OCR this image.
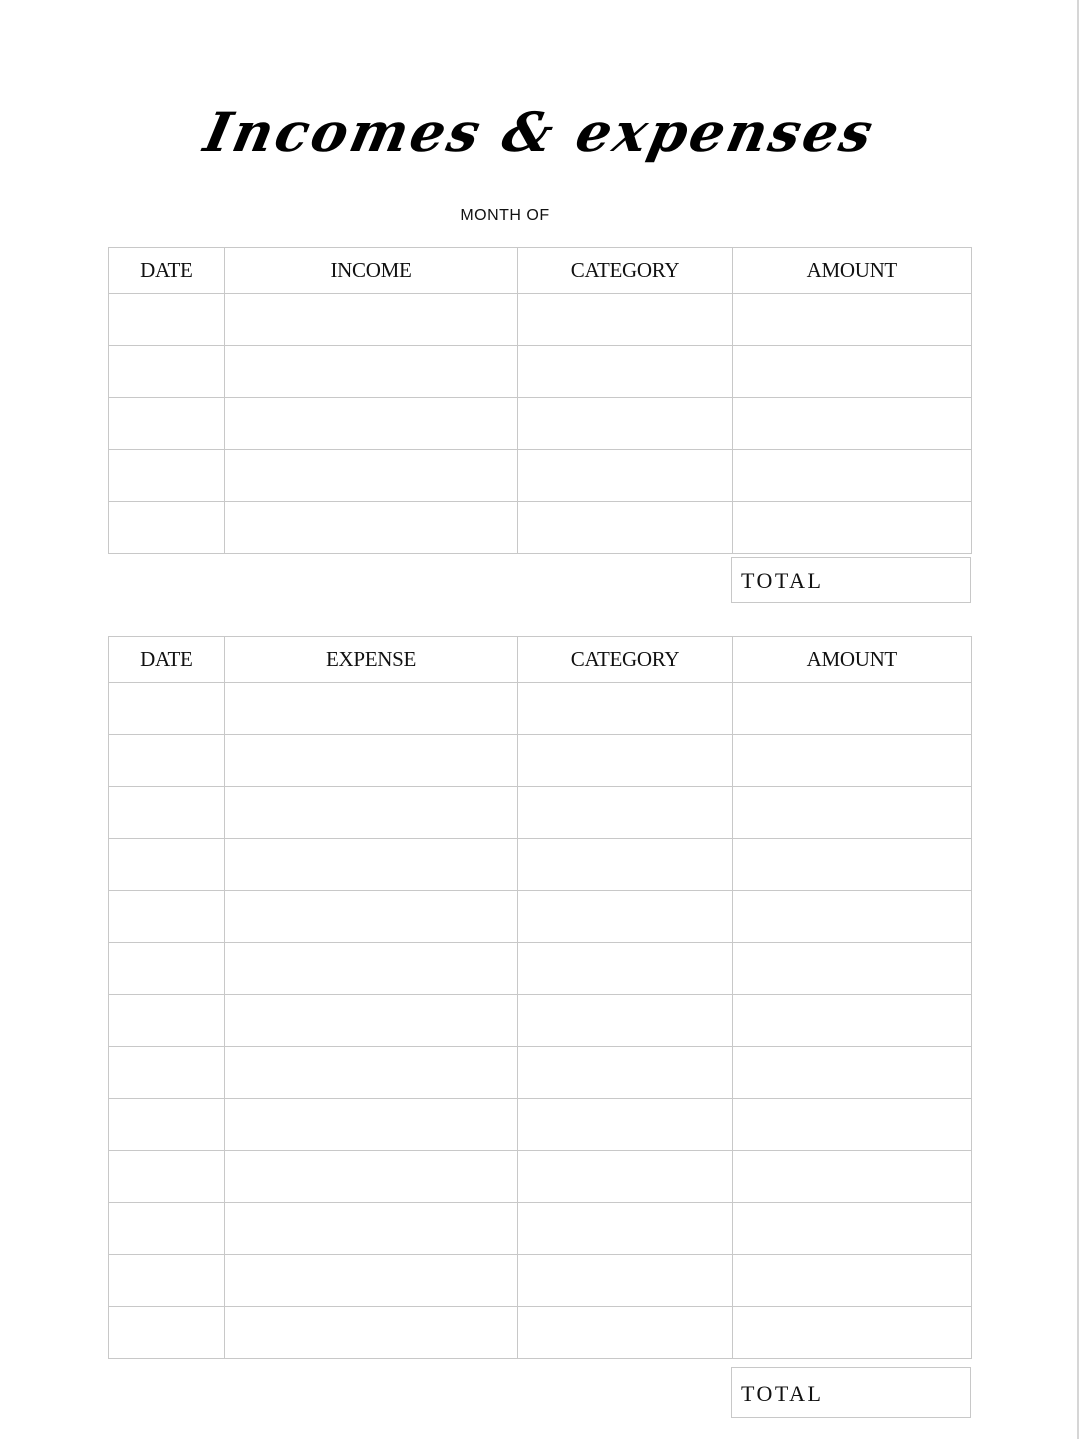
Incomes & expenses
MONTH OF
DATE	INCOME	CATEGORY	AMOUNT

TOTAL
DATE	EXPENSE	CATEGORY	AMOUNT

TOTAL
